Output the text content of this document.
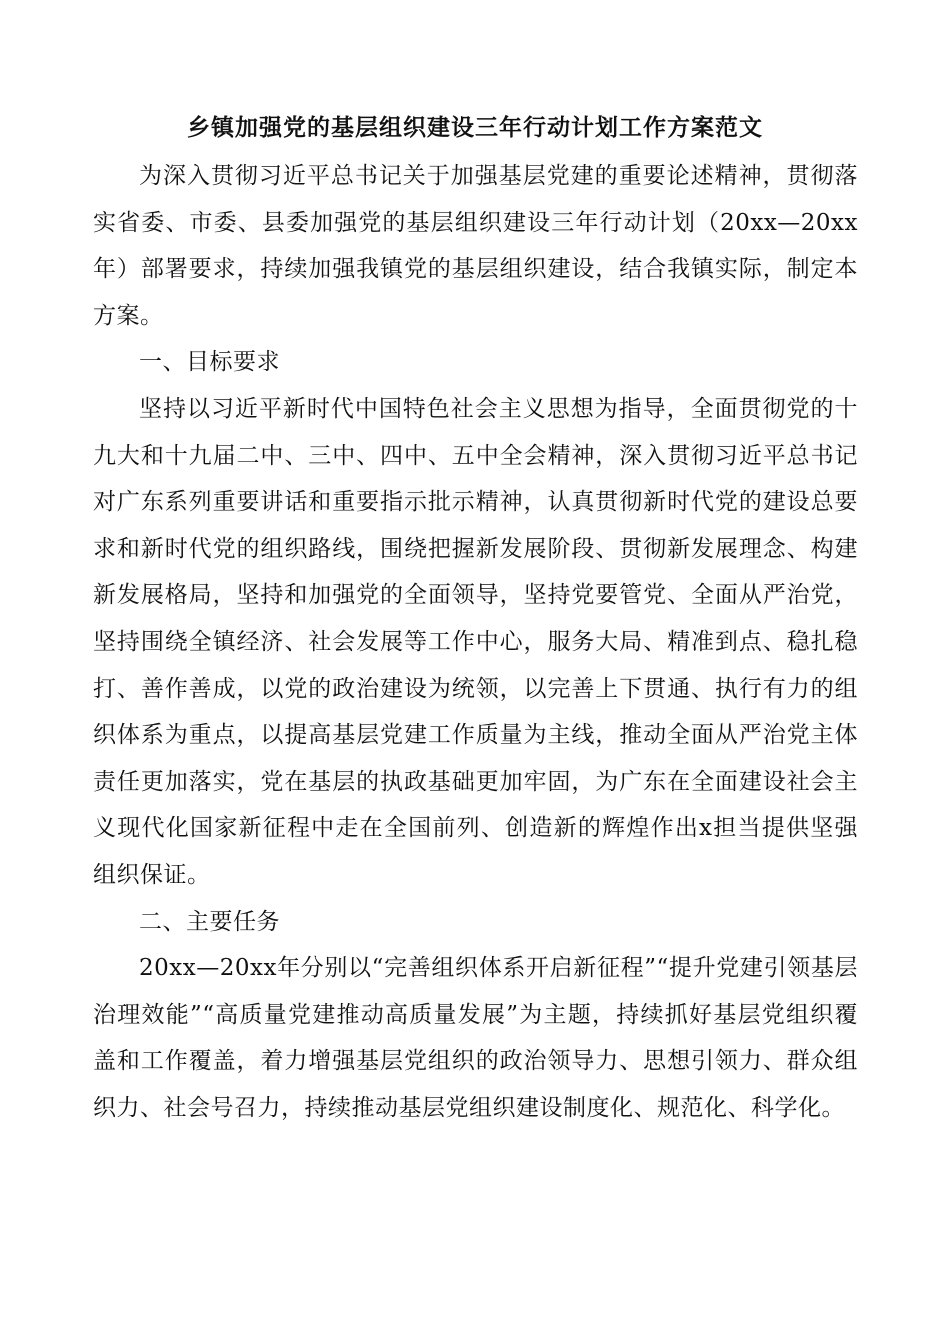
乡镇加强党的基层组织建设三年行动计划工作方案范文

为深入贯彻习近平总书记关于加强基层党建的重要论述精神，贯彻落实省委、市委、县委加强党的基层组织建设三年行动计划（20xx—20xx年）部署要求，持续加强我镇党的基层组织建设，结合我镇实际，制定本方案。

一、目标要求

坚持以习近平新时代中国特色社会主义思想为指导，全面贯彻党的十九大和十九届二中、三中、四中、五中全会精神，深入贯彻习近平总书记对广东系列重要讲话和重要指示批示精神，认真贯彻新时代党的建设总要求和新时代党的组织路线，围绕把握新发展阶段、贯彻新发展理念、构建新发展格局，坚持和加强党的全面领导，坚持党要管党、全面从严治党，坚持围绕全镇经济、社会发展等工作中心，服务大局、精准到点、稳扎稳打、善作善成，以党的政治建设为统领，以完善上下贯通、执行有力的组织体系为重点，以提高基层党建工作质量为主线，推动全面从严治党主体责任更加落实，党在基层的执政基础更加牢固，为广东在全面建设社会主义现代化国家新征程中走在全国前列、创造新的辉煌作出x担当提供坚强组织保证。

二、主要任务

20xx—20xx年分别以“完善组织体系开启新征程”“提升党建引领基层治理效能”“高质量党建推动高质量发展”为主题，持续抓好基层党组织覆盖和工作覆盖，着力增强基层党组织的政治领导力、思想引领力、群众组织力、社会号召力，持续推动基层党组织建设制度化、规范化、科学化。
